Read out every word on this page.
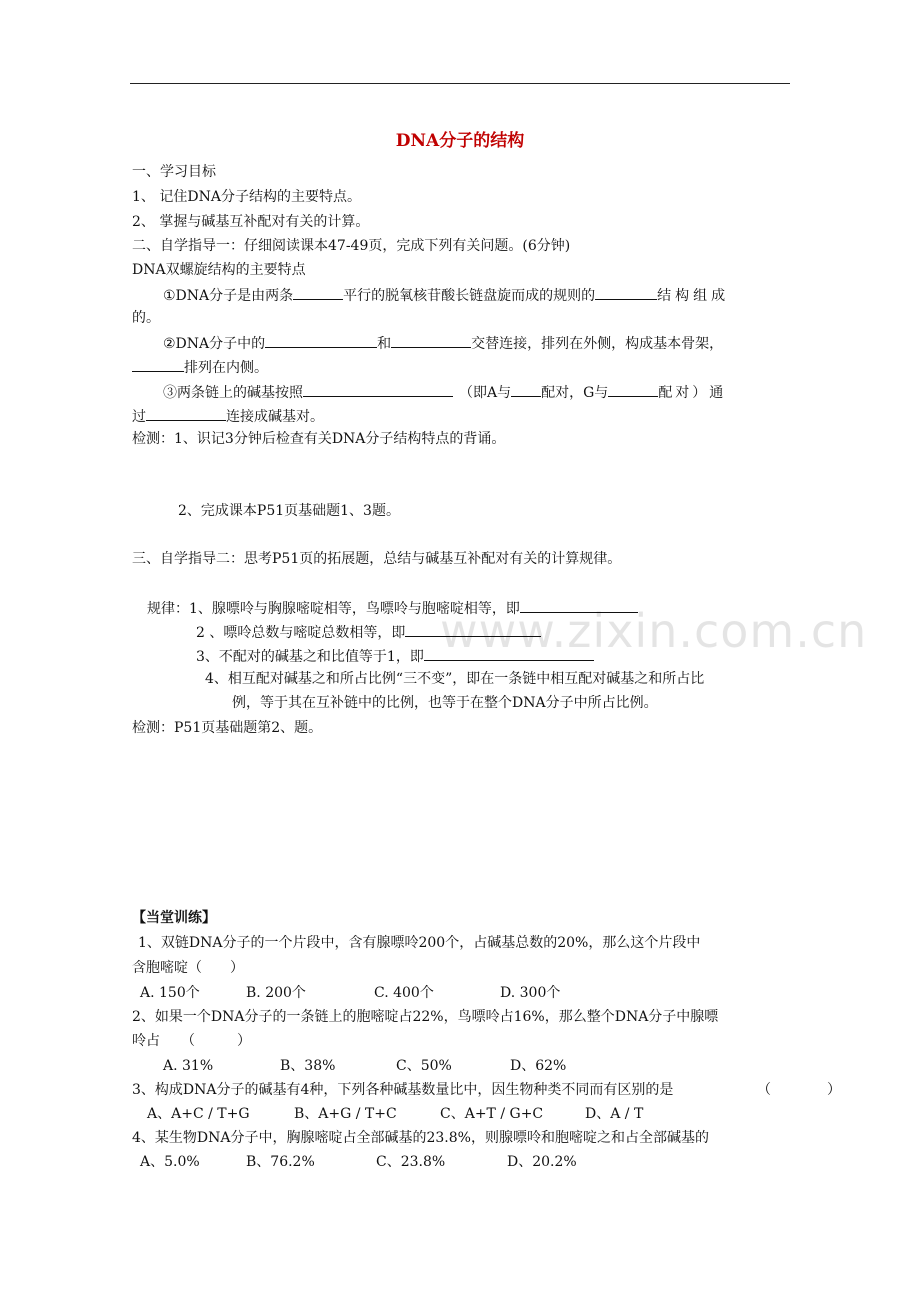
DNA分子的结构
一、学习目标
1、 记住DNA分子结构的主要特点。
2、 掌握与碱基互补配对有关的计算。
二、自学指导一：仔细阅读课本47-49页，完成下列有关问题。(6分钟)
DNA双螺旋结构的主要特点
①DNA分子是由两条	平行的脱氧核苷酸长链盘旋而成的规则的	结构组成
的。
②DNA分子中的	和	交替连接，排列在外侧，构成基本骨架，
排列在内侧。
③两条链上的碱基按照	（即A与 配对，G与	配对）通
过	连接成碱基对。
检测：1、识记3分钟后检查有关DNA分子结构特点的背诵。
2、完成课本P51页基础题1、3题。
三、自学指导二：思考P51页的拓展题，总结与碱基互补配对有关的计算规律。
规律：1、腺嘌呤与胸腺嘧啶相等，鸟嘌呤与胞嘧啶相等，即
2 、嘌呤总数与嘧啶总数相等，即
3、不配对的碱基之和比值等于1，即
4、相互配对碱基之和所占比例“三不变”，即在一条链中相互配对碱基之和所占比
例，等于其在互补链中的比例，也等于在整个DNA分子中所占比例。
检测：P51页基础题第2、题。
【当堂训练】
1、双链DNA分子的一个片段中，含有腺嘌呤200个，占碱基总数的20%，那么这个片段中
含胞嘧啶（　　）
A. 150个	B. 200个	C. 400个	D. 300个
2、如果一个DNA分子的一条链上的胞嘧啶占22%，鸟嘌呤占16%，那么整个DNA分子中腺嘌
呤占　　（　　　）
A. 31%	B、38%	C、50%	D、62%
3、构成DNA分子的碱基有4种，下列各种碱基数量比中，因生物种类不同而有区别的是	（　　　　）
A、A+C / T+G	B、A+G / T+C	C、A+T / G+C	D、A / T
4、某生物DNA分子中，胸腺嘧啶占全部碱基的23.8%，则腺嘌呤和胞嘧啶之和占全部碱基的
A、5.0%	B、76.2%	C、23.8%	D、20.2%
www.zixin.com.cn
